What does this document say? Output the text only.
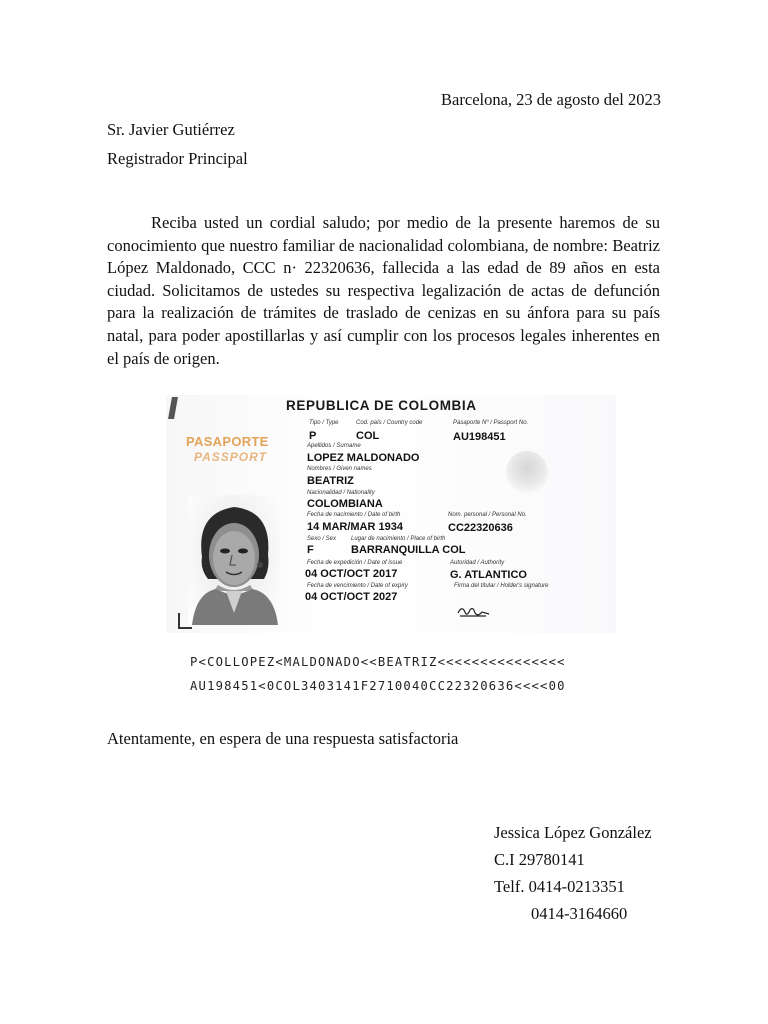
Barcelona, 23 de agosto del 2023
Sr. Javier Gutiérrez
Registrador Principal

Reciba usted un cordial saludo; por medio de la presente haremos de su conocimiento que nuestro familiar de nacionalidad colombiana, de nombre: Beatriz López Maldonado, CCC n· 22320636, fallecida a las edad de 89 años en esta ciudad. Solicitamos de ustedes su respectiva legalización de actas de defunción para la realización de trámites de traslado de cenizas en su ánfora para su país natal, para poder apostillarlas y así cumplir con los procesos legales inherentes en el país de origen.

REPUBLICA DE COLOMBIA
PASAPORTE
PASSPORT
Tipo / Type
P
Cod. país / Country code
COL
Pasaporte Nº / Passport No.
AU198451
Apellidos / Surname
LOPEZ MALDONADO
Nombres / Given names
BEATRIZ
Nacionalidad / Nationality
COLOMBIANA
Fecha de nacimiento / Date of birth
14 MAR/MAR 1934
Nom. personal / Personal No.
CC22320636
Sexo / Sex
F
Lugar de nacimiento / Place of birth
BARRANQUILLA COL
Fecha de expedición / Date of issue
04 OCT/OCT 2017
Autoridad / Authority
G. ATLANTICO
Fecha de vencimiento / Date of expiry
04 OCT/OCT 2027
Firma del titular / Holder's signature
P<COLLOPEZ<MALDONADO<<BEATRIZ<<<<<<<<<<<<<<<
AU198451<0COL3403141F2710040CC22320636<<<<00
Atentamente, en espera de una respuesta satisfactoria
Jessica López González
C.I 29780141
Telf. 0414-0213351
0414-3164660
